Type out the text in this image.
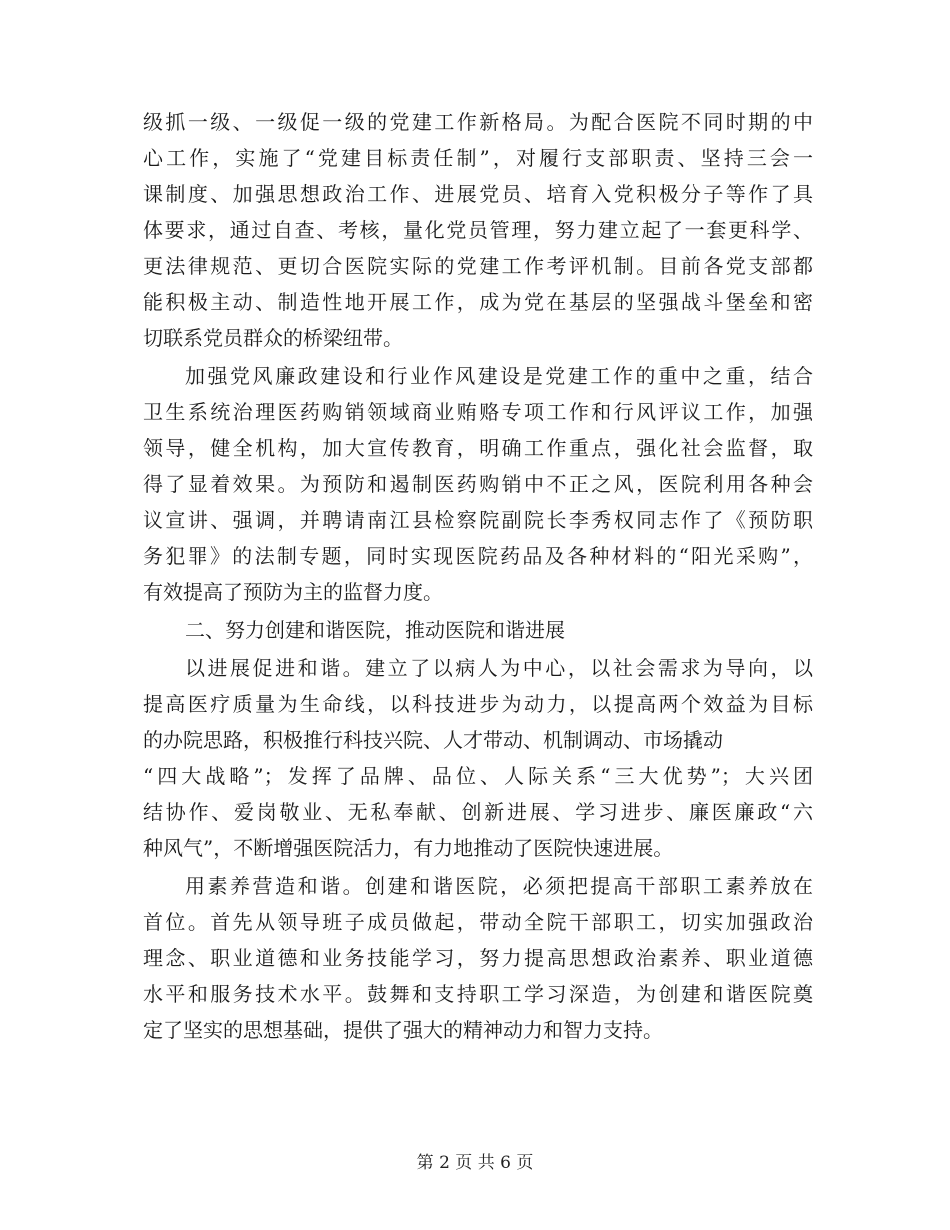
级抓一级、一级促一级的党建工作新格局。为配合医院不同时期的中
心工作，实施了“党建目标责任制”，对履行支部职责、坚持三会一
课制度、加强思想政治工作、进展党员、培育入党积极分子等作了具
体要求，通过自查、考核，量化党员管理，努力建立起了一套更科学、
更法律规范、更切合医院实际的党建工作考评机制。目前各党支部都
能积极主动、制造性地开展工作，成为党在基层的坚强战斗堡垒和密
切联系党员群众的桥梁纽带。
加强党风廉政建设和行业作风建设是党建工作的重中之重，结合
卫生系统治理医药购销领域商业贿赂专项工作和行风评议工作，加强
领导，健全机构，加大宣传教育，明确工作重点，强化社会监督，取
得了显着效果。为预防和遏制医药购销中不正之风，医院利用各种会
议宣讲、强调，并聘请南江县检察院副院长李秀权同志作了《预防职
务犯罪》的法制专题，同时实现医院药品及各种材料的“阳光采购”，
有效提高了预防为主的监督力度。
二、努力创建和谐医院，推动医院和谐进展
以进展促进和谐。建立了以病人为中心，以社会需求为导向，以
提高医疗质量为生命线，以科技进步为动力，以提高两个效益为目标
的办院思路，积极推行科技兴院、人才带动、机制调动、市场撬动
“四大战略”；发挥了品牌、品位、人际关系“三大优势”；大兴团
结协作、爱岗敬业、无私奉献、创新进展、学习进步、廉医廉政“六
种风气”，不断增强医院活力，有力地推动了医院快速进展。
用素养营造和谐。创建和谐医院，必须把提高干部职工素养放在
首位。首先从领导班子成员做起，带动全院干部职工，切实加强政治
理念、职业道德和业务技能学习，努力提高思想政治素养、职业道德
水平和服务技术水平。鼓舞和支持职工学习深造，为创建和谐医院奠
定了坚实的思想基础，提供了强大的精神动力和智力支持。
第 2 页 共 6 页
